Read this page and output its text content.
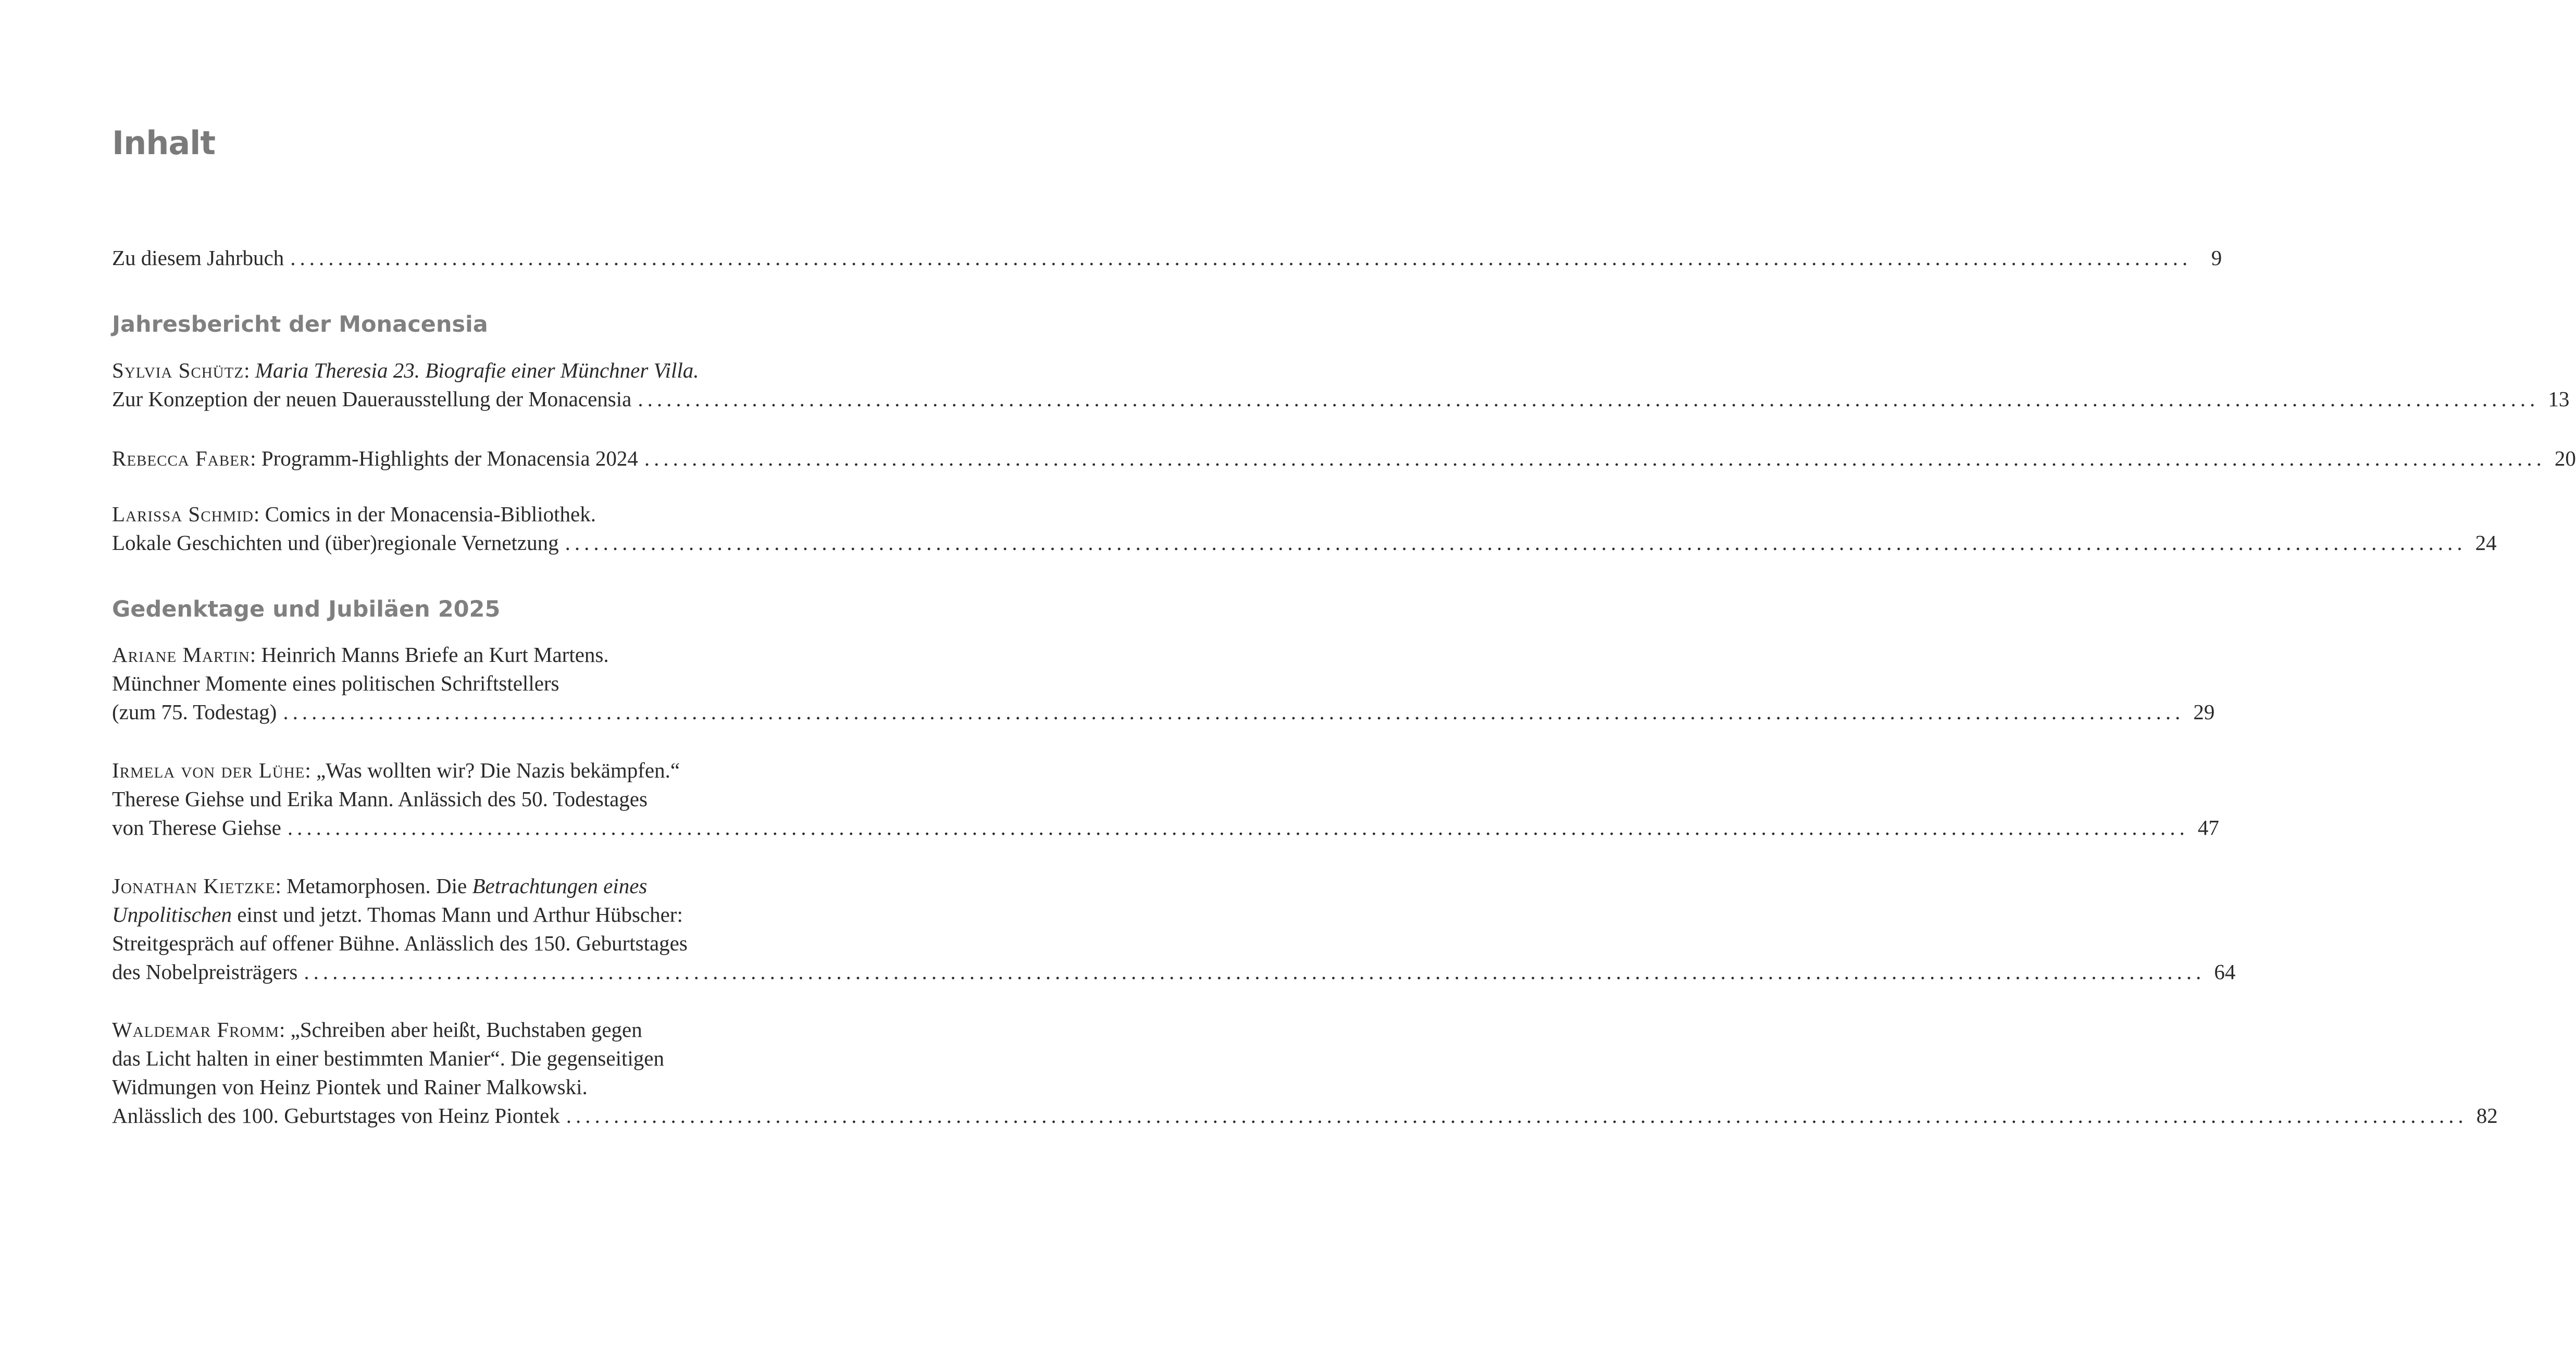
Inhalt
Zu diesem Jahrbuch ........................................................................................................................................................................................................ 9
Jahresbericht der Monacensia
Sylvia Schütz: Maria Theresia 23. Biografie einer Münchner Villa.
Zur Konzeption der neuen Dauerausstellung der Monacensia ........................................................................................................................................................................................................ 13
Rebecca Faber: Programm-Highlights der Monacensia 2024 ........................................................................................................................................................................................................ 20
Larissa Schmid: Comics in der Monacensia-Bibliothek.
Lokale Geschichten und (über)regionale Vernetzung ........................................................................................................................................................................................................ 24
Gedenktage und Jubiläen 2025
Ariane Martin: Heinrich Manns Briefe an Kurt Martens.
Münchner Momente eines politischen Schriftstellers
(zum 75. Todestag) ........................................................................................................................................................................................................ 29
Irmela von der Lühe: „Was wollten wir? Die Nazis bekämpfen.“
Therese Giehse und Erika Mann. Anlässich des 50. Todestages
von Therese Giehse ........................................................................................................................................................................................................ 47
Jonathan Kietzke: Metamorphosen. Die Betrachtungen eines
Unpolitischen einst und jetzt. Thomas Mann und Arthur Hübscher:
Streitgespräch auf offener Bühne. Anlässlich des 150. Geburtstages
des Nobelpreisträgers ........................................................................................................................................................................................................ 64
Waldemar Fromm: „Schreiben aber heißt, Buchstaben gegen
das Licht halten in einer bestimmten Manier“. Die gegenseitigen
Widmungen von Heinz Piontek und Rainer Malkowski.
Anlässlich des 100. Geburtstages von Heinz Piontek ........................................................................................................................................................................................................ 82
